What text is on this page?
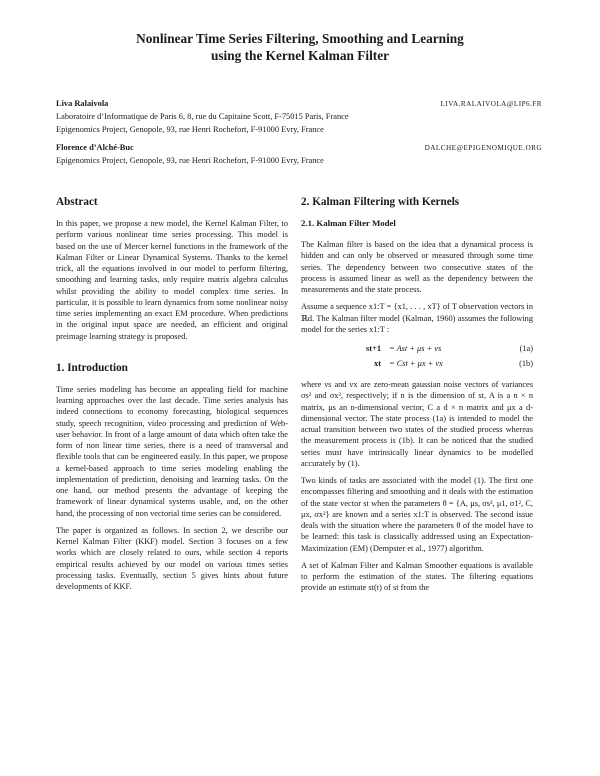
Nonlinear Time Series Filtering, Smoothing and Learning
using the Kernel Kalman Filter
Liva Ralaivola	LIVA.RALAIVOLA@LIP6.FR
Laboratoire d’Informatique de Paris 6, 8, rue du Capitaine Scott, F-75015 Paris, France
Epigenomics Project, Genopole, 93, rue Henri Rochefort, F-91000 Evry, France
Florence d’Alché-Buc	DALCHE@EPIGENOMIQUE.ORG
Epigenomics Project, Genopole, 93, rue Henri Rochefort, F-91000 Evry, France
Abstract

In this paper, we propose a new model, the Kernel Kalman Filter, to perform various nonlinear time series processing. This model is based on the use of Mercer kernel functions in the framework of the Kalman Filter or Linear Dynamical Systems. Thanks to the kernel trick, all the equations involved in our model to perform filtering, smoothing and learning tasks, only require matrix algebra calculus whilst providing the ability to model complex time series. In particular, it is possible to learn dynamics from some nonlinear noisy time series implementing an exact EM procedure. When predictions in the original input space are needed, an efficient and original preimage learning strategy is proposed.

1. Introduction

Time series modeling has become an appealing field for machine learning approaches over the last decade. Time series analysis has indeed connections to economy forecasting, biological sequences study, speech recognition, video processing and prediction of Web-user behavior. In front of a large amount of data which often take the form of non linear time series, there is a need of transversal and flexible tools that can be engineered easily. In this paper, we propose a kernel-based approach to time series modeling enabling the implementation of prediction, denoising and learning tasks. On the one hand, our method presents the advantage of keeping the framework of linear dynamical systems usable, and, on the other hand, the processing of non vectorial time series can be considered.

The paper is organized as follows. In section 2, we describe our Kernel Kalman Filter (KKF) model. Section 3 focuses on a few works which are closely related to ours, while section 4 reports empirical results achieved by our model on various times series processing tasks. Eventually, section 5 gives hints about future developments of KKF.

2. Kalman Filtering with Kernels
2.1. Kalman Filter Model

The Kalman filter is based on the idea that a dynamical process is hidden and can only be observed or measured through some time series. The dependency between two consecutive states of the process is assumed linear as well as the dependency between the measurements and the state process.

Assume a sequence x1:T = {x1, . . . , xT} of T observation vectors in ℝd. The Kalman filter model (Kalman, 1960) assumes the following model for the series x1:T :

st+1 = Ast + μs + νs	(1a)
xt = Cst + μx + νx	(1b)

where νs and νx are zero-mean gaussian noise vectors of variances σs² and σx², respectively; if n is the dimension of st, A is a n × n matrix, μs an n-dimensional vector, C a d × n matrix and μx a d-dimensional vector. The state process (1a) is intended to model the actual transition between two states of the studied process whereas the measurement process is (1b). It can be noticed that the studied series must have intrinsically linear dynamics to be modelled accurately by (1).

Two kinds of tasks are associated with the model (1). The first one encompasses filtering and smoothing and it deals with the estimation of the state vector st when the parameters θ = {A, μs, σs², μ1, σ1², C, μx, σx²} are known and a series x1:T is observed. The second issue deals with the situation where the parameters θ of the model have to be learned: this task is classically addressed using an Expectation-Maximization (EM) (Dempster et al., 1977) algorithm.

A set of Kalman Filter and Kalman Smoother equations is available to perform the estimation of the states. The filtering equations provide an estimate st(t) of st from the
